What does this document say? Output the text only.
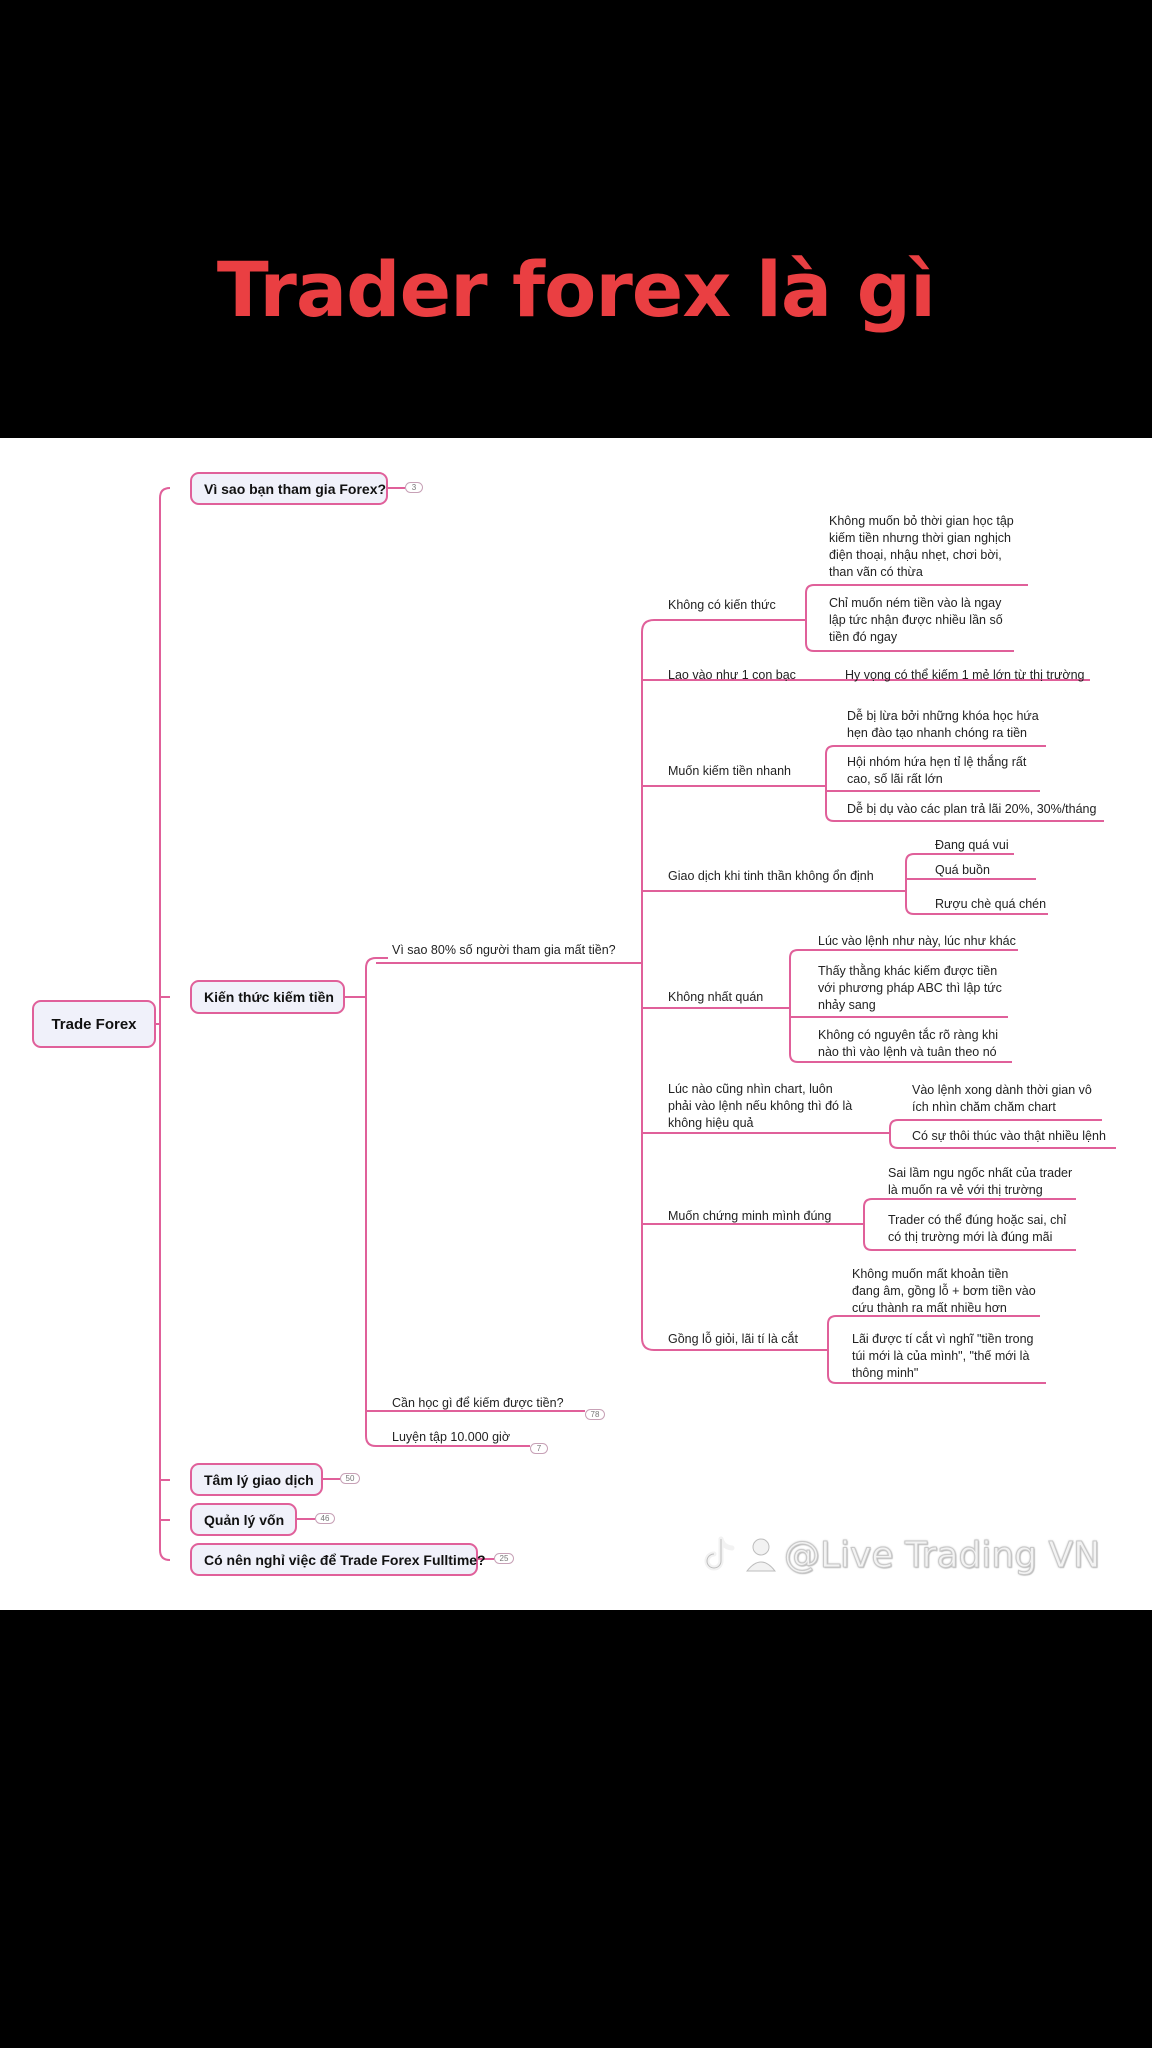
Trader forex là gì
Trade Forex
Vì sao bạn tham gia Forex?	3
Kiến thức kiếm tiền
Tâm lý giao dịch	50
Quản lý vốn	46
Có nên nghỉ việc để Trade Forex Fulltime?	25
Vì sao 80% số người tham gia mất tiền?
Cần học gì để kiếm được tiền?
78
Luyện tập 10.000 giờ
7
Không có kiến thức
Không muốn bỏ thời gian học tập
kiếm tiền nhưng thời gian nghịch
điện thoại, nhậu nhẹt, chơi bời,
than vãn có thừa
Chỉ muốn ném tiền vào là ngay
lập tức nhận được nhiều lần số
tiền đó ngay
Lao vào như 1 con bạc	Hy vọng có thể kiếm 1 mẻ lớn từ thị trường
Muốn kiếm tiền nhanh
Dễ bị lừa bởi những khóa học hứa
hẹn đào tạo nhanh chóng ra tiền
Hội nhóm hứa hẹn tỉ lệ thắng rất
cao, số lãi rất lớn
Dễ bị dụ vào các plan trả lãi 20%, 30%/tháng
Giao dịch khi tinh thần không ổn định
Đang quá vui
Quá buồn
Rượu chè quá chén
Không nhất quán
Lúc vào lệnh như này, lúc như khác
Thấy thằng khác kiếm được tiền
với phương pháp ABC thì lập tức
nhảy sang
Không có nguyên tắc rõ ràng khi
nào thì vào lệnh và tuân theo nó
Lúc nào cũng nhìn chart, luôn
phải vào lệnh nếu không thì đó là
không hiệu quả
Vào lệnh xong dành thời gian vô
ích nhìn chăm chăm chart
Có sự thôi thúc vào thật nhiều lệnh
Muốn chứng minh mình đúng
Sai lầm ngu ngốc nhất của trader
là muốn ra vẻ với thị trường
Trader có thể đúng hoặc sai, chỉ
có thị trường mới là đúng mãi
Gồng lỗ giỏi, lãi tí là cắt
Không muốn mất khoản tiền
đang âm, gồng lỗ + bơm tiền vào
cứu thành ra mất nhiều hơn
Lãi được tí cắt vì nghĩ "tiền trong
túi mới là của mình", "thế mới là
thông minh"
@Live Trading VN
